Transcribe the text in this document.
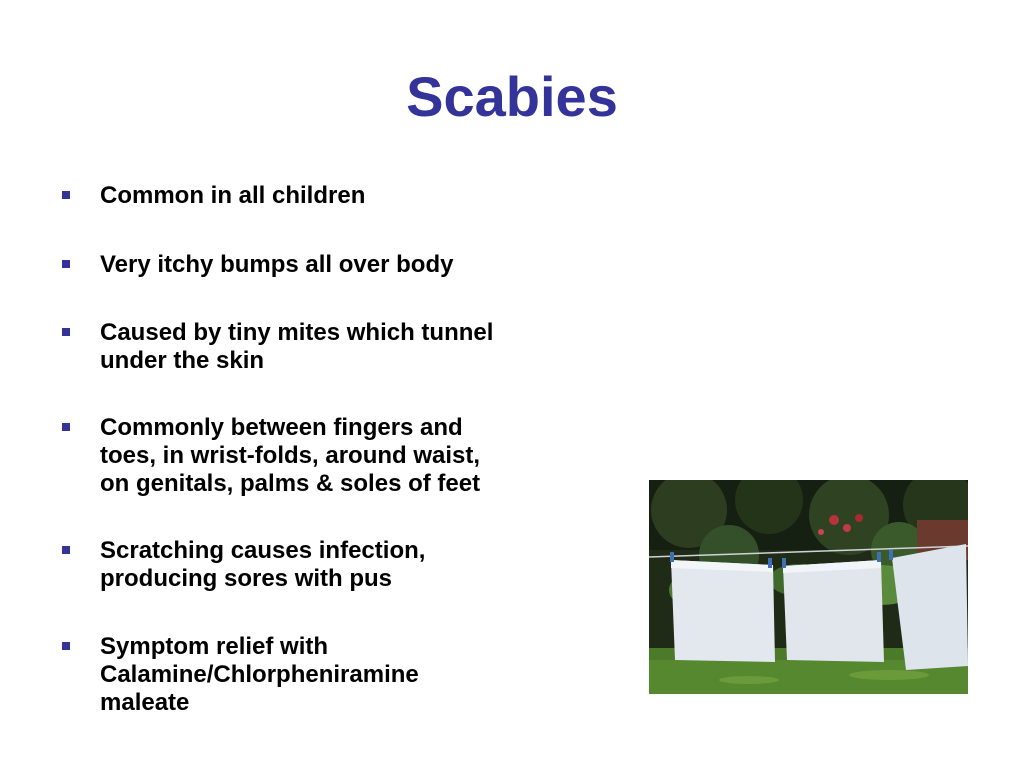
Scabies
Common in all children
Very itchy bumps all over body
Caused by tiny mites which tunnel
under the skin
Commonly between fingers and
toes, in wrist-folds, around waist,
on genitals, palms & soles of feet
Scratching causes infection,
producing sores with pus
Symptom relief with
Calamine/Chlorpheniramine
maleate
